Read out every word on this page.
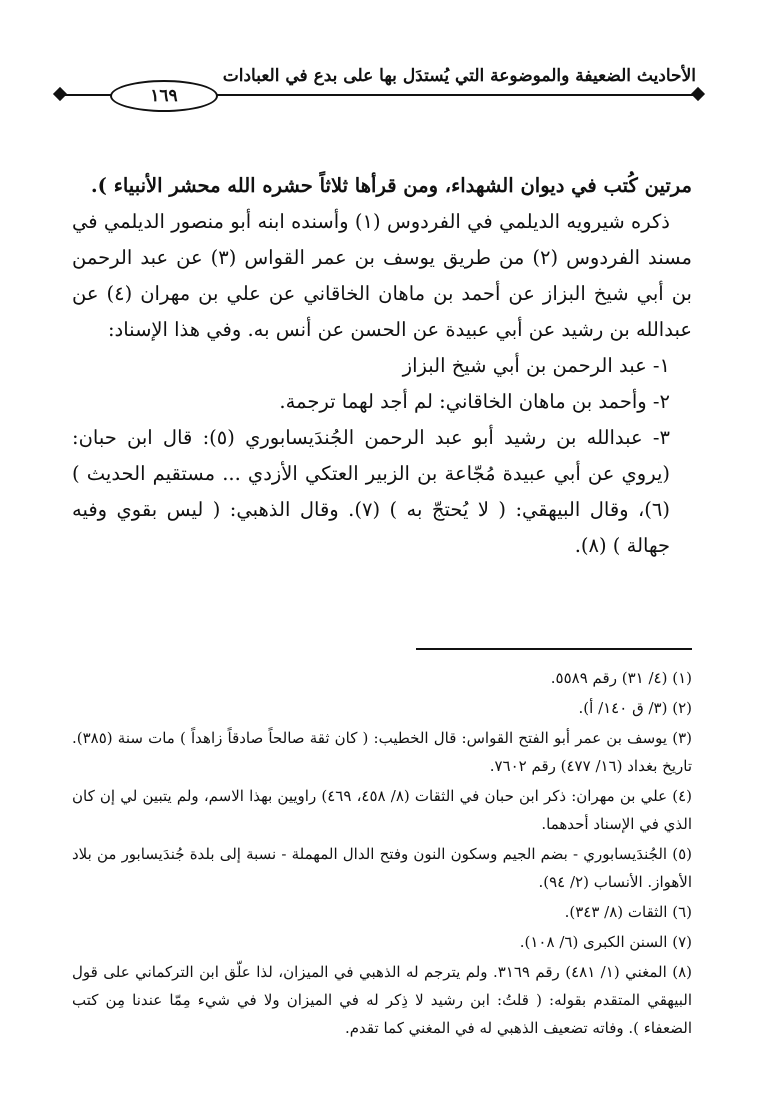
١٦٩
الأحاديث الضعيفة والموضوعة التي يُستدَل بها على بدع في العبادات

مرتين كُتب في ديوان الشهداء، ومن قرأها ثلاثاً حشره الله محشر الأنبياء ).

ذكره شيرويه الديلمي في الفردوس (١) وأسنده ابنه أبو منصور الديلمي في مسند الفردوس (٢) من طريق يوسف بن عمر القواس (٣) عن عبد الرحمن بن أبي شيخ البزاز عن أحمد بن ماهان الخاقاني عن علي بن مهران (٤) عن عبدالله بن رشيد عن أبي عبيدة عن الحسن عن أنس به. وفي هذا الإسناد:

١- عبد الرحمن بن أبي شيخ البزاز

٢- وأحمد بن ماهان الخاقاني: لم أجد لهما ترجمة.

٣- عبدالله بن رشيد أبو عبد الرحمن الجُندَيسابوري (٥): قال ابن حبان: (يروي عن أبي عبيدة مُجّاعة بن الزبير العتكي الأزدي ... مستقيم الحديث ) (٦)، وقال البيهقي: ( لا يُحتجّ به ) (٧). وقال الذهبي: ( ليس بقوي وفيه جهالة ) (٨).

(١) (٤/ ٣١) رقم ٥٥٨٩.

(٢) (٣/ ق ١٤٠/ أ).

(٣) يوسف بن عمر أبو الفتح القواس: قال الخطيب: ( كان ثقة صالحاً صادقاً زاهداً ) مات سنة (٣٨٥). تاريخ بغداد (١٦/ ٤٧٧) رقم ٧٦٠٢.

(٤) علي بن مهران: ذكر ابن حبان في الثقات (٨/ ٤٥٨، ٤٦٩) راويين بهذا الاسم، ولم يتبين لي إن كان الذي في الإسناد أحدهما.

(٥) الجُندَيسابوري - بضم الجيم وسكون النون وفتح الدال المهملة - نسبة إلى بلدة جُندَيسابور من بلاد الأهواز. الأنساب (٢/ ٩٤).

(٦) الثقات (٨/ ٣٤٣).

(٧) السنن الكبرى (٦/ ١٠٨).

(٨) المغني (١/ ٤٨١) رقم ٣١٦٩. ولم يترجم له الذهبي في الميزان، لذا علّق ابن التركماني على قول البيهقي المتقدم بقوله: ( قلتُ: ابن رشيد لا ذِكر له في الميزان ولا في شيء مِمّا عندنا مِن كتب الضعفاء ). وفاته تضعيف الذهبي له في المغني كما تقدم.
